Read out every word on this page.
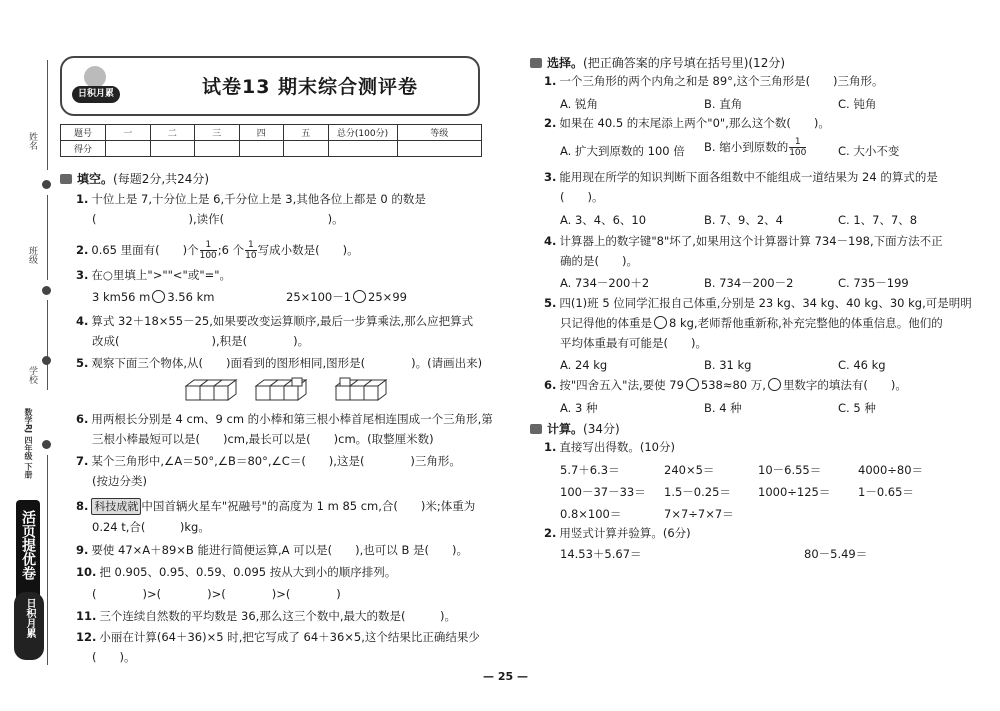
姓名
班级
学校
数学RJ 四年级 下册
活页提优卷
日积月累
日积月累	试卷13 期末综合测评卷
题号	一	二	三	四	五	总分(100分)	等级
得分							
填空。(每题2分,共24分)
1. 十位上是 7,十分位上是 6,千分位上是 3,其他各位上都是 0 的数是
(　　　　　　　　),读作(　　　　　　　　　)。
2. 0.65 里面有(　　)个 $\frac{1}{100}$ ;6 个 $\frac{1}{10}$ 写成小数是(　　)。
3. 在○里填上">""<"或"="。
3 km56 m 3.56 km	25×100－1 25×99
4. 算式 32＋18×55－25,如果要改变运算顺序,最后一步算乘法,那么应把算式
改成(　　　　　　　　),积是(　　　　)。
5. 观察下面三个物体,从(　　)面看到的图形相同,图形是(　　　　)。(请画出来)
6. 用两根长分别是 4 cm、9 cm 的小棒和第三根小棒首尾相连围成一个三角形,第
三根小棒最短可以是(　　)cm,最长可以是(　　)cm。(取整厘米数)
7. 某个三角形中,∠A＝50°,∠B＝80°,∠C＝(　　),这是(　　　　)三角形。
(按边分类)
8. 科技成就 中国首辆火星车"祝融号"的高度为 1 m 85 cm,合(　　)米;体重为
0.24 t,合(　　　)kg。
9. 要使 47×A＋89×B 能进行简便运算,A 可以是(　　),也可以 B 是(　　)。
10. 把 0.905、0.95、0.59、0.095 按从大到小的顺序排列。
(　　　　)>(　　　　)>(　　　　)>(　　　　)
11. 三个连续自然数的平均数是 36,那么这三个数中,最大的数是(　　　)。
12. 小丽在计算(64＋36)×5 时,把它写成了 64＋36×5,这个结果比正确结果少
(　　)。
选择。(把正确答案的序号填在括号里)(12分)
1. 一个三角形的两个内角之和是 89°,这个三角形是(　　)三角形。
A. 锐角	B. 直角	C. 钝角
2. 如果在 40.5 的末尾添上两个"0",那么这个数(　　)。
A. 扩大到原数的 100 倍 B. 缩小到原数的 $\frac{1}{100}$	C. 大小不变
3. 能用现在所学的知识判断下面各组数中不能组成一道结果为 24 的算式的是
(　　)。
A. 3、4、6、10	B. 7、9、2、4	C. 1、7、7、8
4. 计算器上的数字键"8"坏了,如果用这个计算器计算 734－198,下面方法不正
确的是(　　)。
A. 734－200＋2	B. 734－200－2	C. 735－199
5. 四(1)班 5 位同学汇报自己体重,分别是 23 kg、34 kg、40 kg、30 kg,可是明明
只记得他的体重是 8 kg,老师帮他重新称,补充完整他的体重信息。他们的
平均体重最有可能是(　　)。
A. 24 kg	B. 31 kg	C. 46 kg
6. 按"四舍五入"法,要使 79 538≈80 万, 里数字的填法有(　　)。
A. 3 种	B. 4 种	C. 5 种
计算。(34分)
1. 直接写出得数。(10分)
5.7＋6.3＝	240×5＝	10－6.55＝	4000÷80＝
100－37－33＝ 1.5－0.25＝ 1000÷125＝ 1－0.65＝
0.8×100＝	7×7÷7×7＝
2. 用竖式计算并验算。(6分)
14.53＋5.67＝	80－5.49＝
— 25 —
